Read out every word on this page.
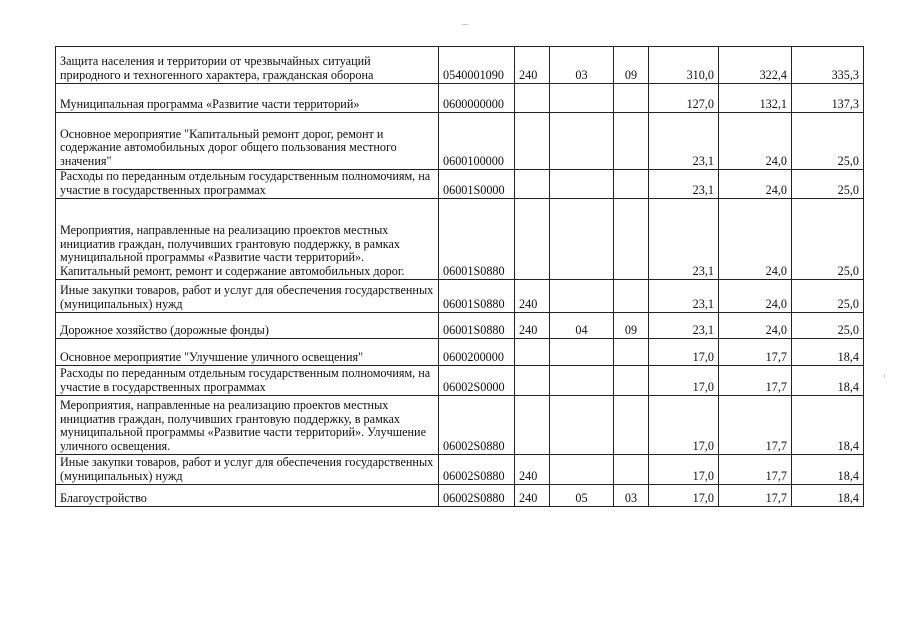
Защита населения и территории от чрезвычайных ситуаций природного и техногенного характера, гражданская оборона	0540001090	240	03	09	310,0	322,4	335,3
Муниципальная программа «Развитие части территорий»	0600000000				127,0	132,1	137,3
Основное мероприятие "Капитальный ремонт дорог, ремонт и содержание автомобильных дорог общего пользования местного значения"	0600100000				23,1	24,0	25,0
Расходы по переданным отдельным государственным полномочиям, на участие в государственных программах	06001S0000				23,1	24,0	25,0
Мероприятия, направленные на реализацию проектов местных инициатив граждан, получивших грантовую поддержку, в рамках муниципальной программы «Развитие части территорий». Капитальный ремонт, ремонт и содержание автомобильных дорог.	06001S0880				23,1	24,0	25,0
Иные закупки товаров, работ и услуг для обеспечения государственных (муниципальных) нужд	06001S0880	240			23,1	24,0	25,0
Дорожное хозяйство (дорожные фонды)	06001S0880	240	04	09	23,1	24,0	25,0
Основное мероприятие "Улучшение уличного освещения"	0600200000				17,0	17,7	18,4
Расходы по переданным отдельным государственным полномочиям, на участие в государственных программах	06002S0000				17,0	17,7	18,4
Мероприятия, направленные на реализацию проектов местных инициатив граждан, получивших грантовую поддержку, в рамках муниципальной программы «Развитие части территорий». Улучшение уличного освещения.	06002S0880				17,0	17,7	18,4
Иные закупки товаров, работ и услуг для обеспечения государственных (муниципальных) нужд	06002S0880	240			17,0	17,7	18,4
Благоустройство	06002S0880	240	05	03	17,0	17,7	18,4
